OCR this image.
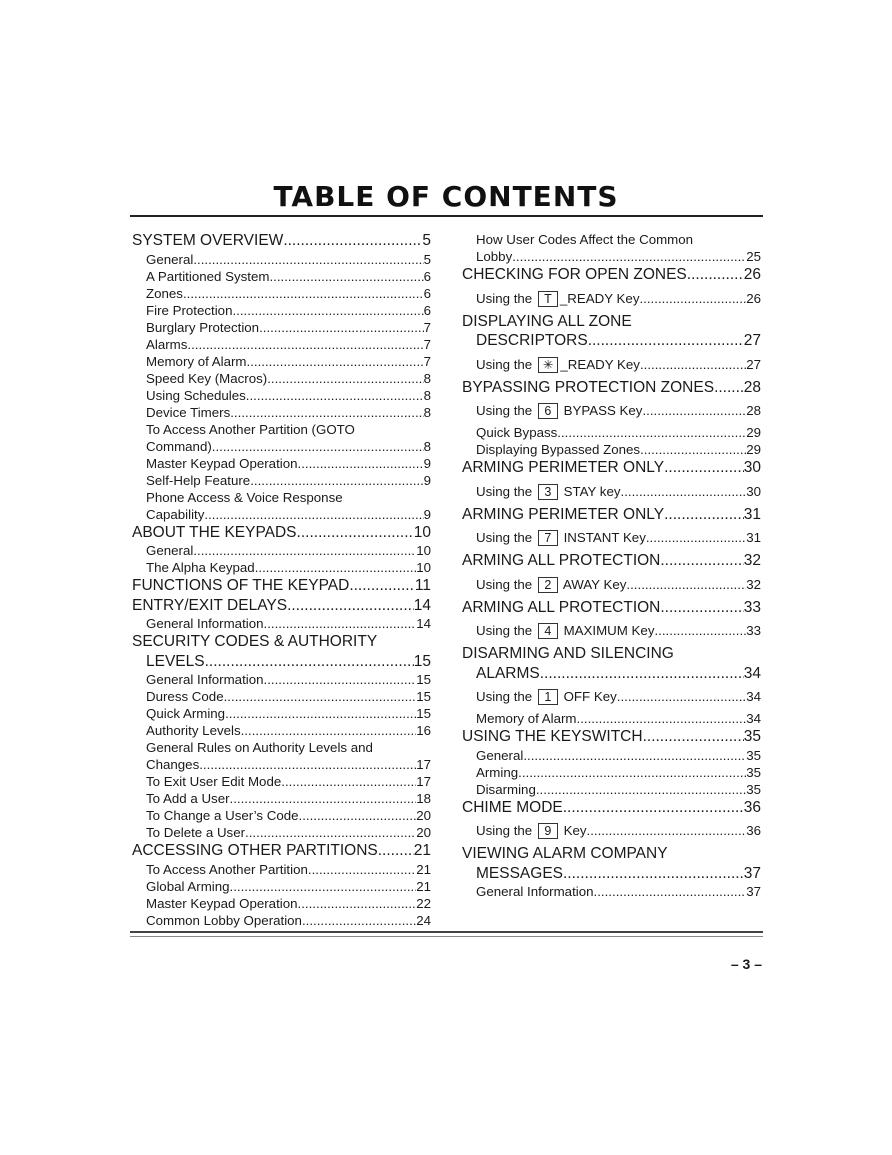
TABLE OF CONTENTS
SYSTEM OVERVIEW .....	5
General .....	5
A Partitioned System .....	6
Zones .....	6
Fire Protection .....	6
Burglary Protection .....	7
Alarms .....	7
Memory of Alarm .....	7
Speed Key (Macros) .....	8
Using Schedules .....	8
Device Timers .....	8
To Access Another Partition (GOTO
Command) .....	8
Master Keypad Operation .....	9
Self-Help Feature .....	9
Phone Access & Voice Response
Capability .....	9
ABOUT THE KEYPADS .....	10
General .....	10
The Alpha Keypad .....	10
FUNCTIONS OF THE KEYPAD .....	11
ENTRY/EXIT DELAYS .....	14
General Information .....	14
SECURITY CODES & AUTHORITY
LEVELS .....	15
General Information .....	15
Duress Code .....	15
Quick Arming .....	15
Authority Levels .....	16
General Rules on Authority Levels and
Changes .....	17
To Exit User Edit Mode .....	17
To Add a User .....	18
To Change a User’s Code .....	20
To Delete a User .....	20
ACCESSING OTHER PARTITIONS ..... 21
To Access Another Partition .....	21
Global Arming .....	21
Master Keypad Operation .....	22
Common Lobby Operation .....	24
How User Codes Affect the Common
Lobby .....	25
CHECKING FOR OPEN ZONES .....	26
Using the T _READY Key .....	26
DISPLAYING ALL ZONE
DESCRIPTORS .....	27
Using the ✳ _READY Key .....	27
BYPASSING PROTECTION ZONES ..... 28
Using the 6 BYPASS Key .....	28
Quick Bypass .....	29
Displaying Bypassed Zones .....	29
ARMING PERIMETER ONLY .....	30
Using the 3 STAY key .....	30
ARMING PERIMETER ONLY .....	31
Using the 7 INSTANT Key .....	31
ARMING ALL PROTECTION .....	32
Using the 2 AWAY Key .....	32
ARMING ALL PROTECTION .....	33
Using the 4 MAXIMUM Key .....	33
DISARMING AND SILENCING
ALARMS .....	34
Using the 1 OFF Key .....	34
Memory of Alarm .....	34
USING THE KEYSWITCH .....	35
General .....	35
Arming .....	35
Disarming .....	35
CHIME MODE .....	36
Using the 9 Key .....	36
VIEWING ALARM COMPANY
MESSAGES .....	37
General Information .....	37
– 3 –
